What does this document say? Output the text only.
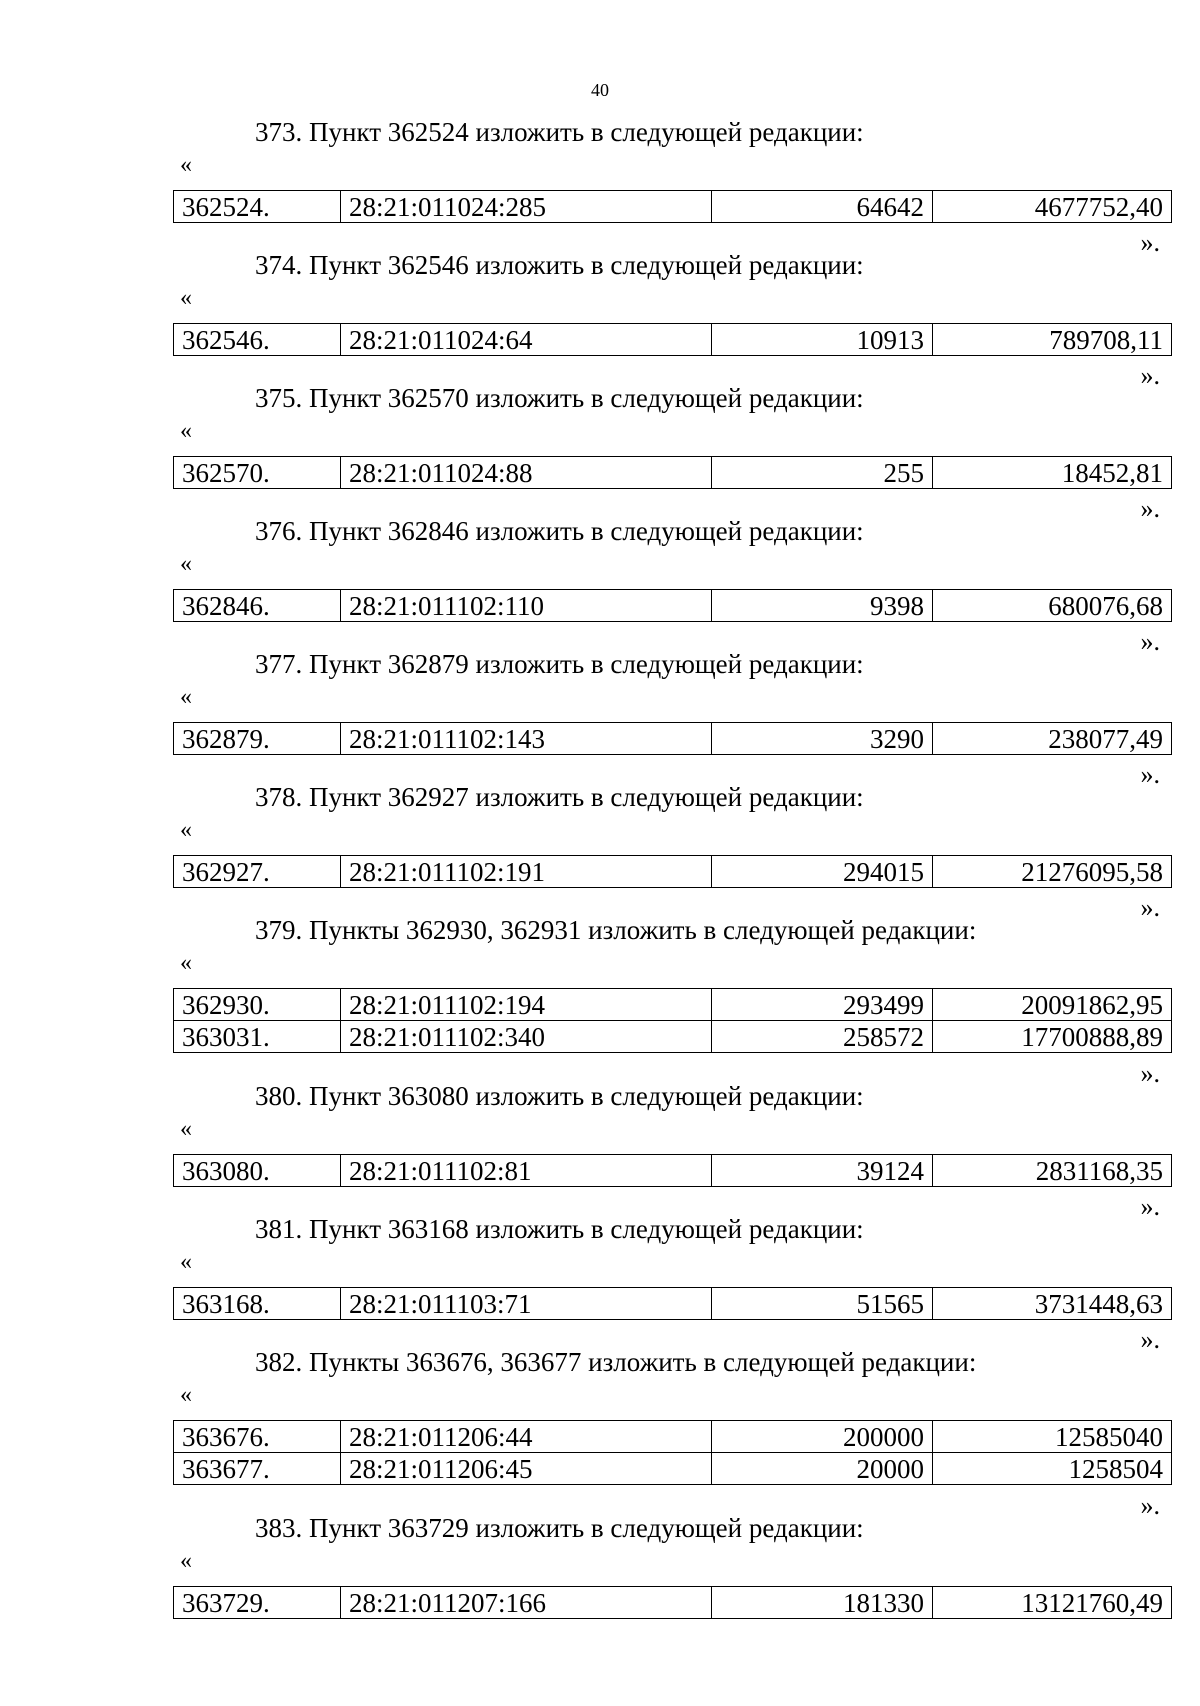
40
373. Пункт 362524 изложить в следующей редакции:
«
362524.	28:21:011024:285	64642	4677752,40
».
374. Пункт 362546 изложить в следующей редакции:
«
362546.	28:21:011024:64	10913	789708,11
».
375. Пункт 362570 изложить в следующей редакции:
«
362570.	28:21:011024:88	255	18452,81
».
376. Пункт 362846 изложить в следующей редакции:
«
362846.	28:21:011102:110	9398	680076,68
».
377. Пункт 362879 изложить в следующей редакции:
«
362879.	28:21:011102:143	3290	238077,49
».
378. Пункт 362927 изложить в следующей редакции:
«
362927.	28:21:011102:191	294015	21276095,58
».
379. Пункты 362930, 362931 изложить в следующей редакции:
«
362930.	28:21:011102:194	293499	20091862,95
363031.	28:21:011102:340	258572	17700888,89
».
380. Пункт 363080 изложить в следующей редакции:
«
363080.	28:21:011102:81	39124	2831168,35
».
381. Пункт 363168 изложить в следующей редакции:
«
363168.	28:21:011103:71	51565	3731448,63
».
382. Пункты 363676, 363677 изложить в следующей редакции:
«
363676.	28:21:011206:44	200000	12585040
363677.	28:21:011206:45	20000	1258504
».
383. Пункт 363729 изложить в следующей редакции:
«
363729.	28:21:011207:166	181330	13121760,49
